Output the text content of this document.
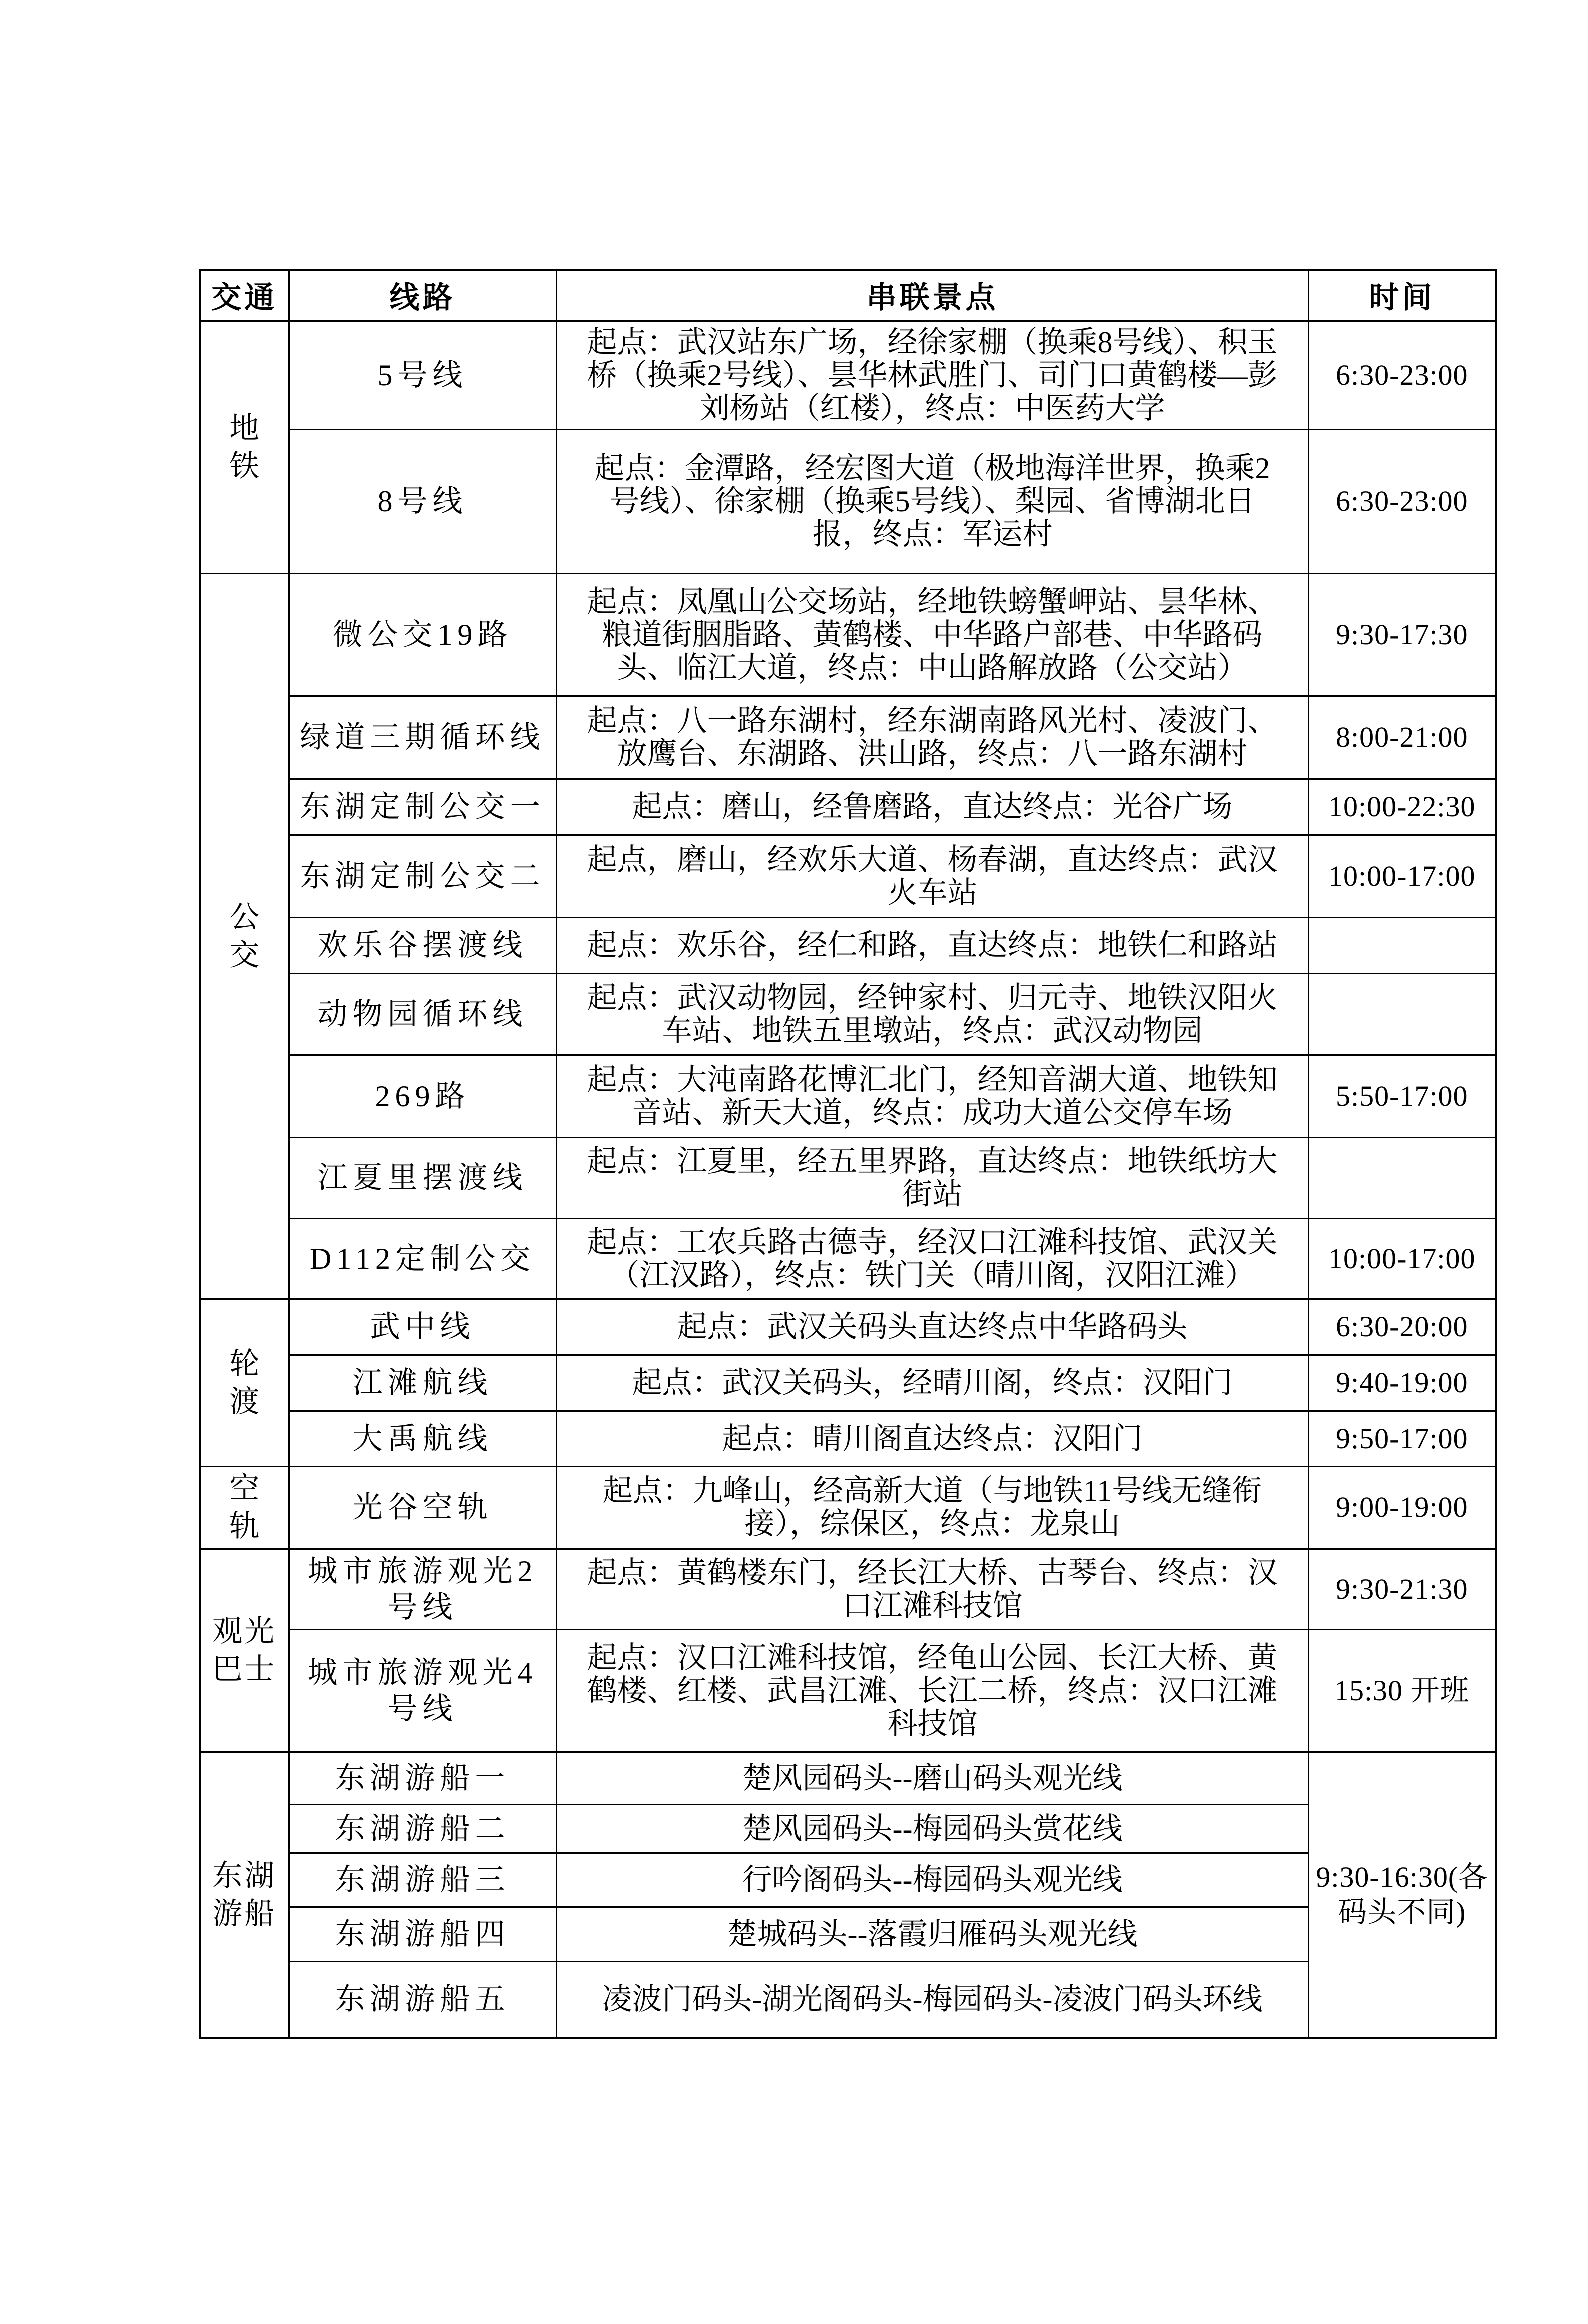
交通	线路	串联景点	时间

地铁	5号线	起点：武汉站东广场，经徐家棚（换乘8号线）、积玉桥（换乘2号线）、昙华林武胜门、司门口黄鹤楼—彭刘杨站（红楼），终点：中医药大学	6:30-23:00
	8号线	起点：金潭路，经宏图大道（极地海洋世界，换乘2号线）、徐家棚（换乘5号线）、梨园、省博湖北日报，终点：军运村	6:30-23:00

公交	微公交19路	起点：凤凰山公交场站，经地铁螃蟹岬站、昙华林、粮道街胭脂路、黄鹤楼、中华路户部巷、中华路码头、临江大道，终点：中山路解放路（公交站）	9:30-17:30
	绿道三期循环线	起点：八一路东湖村，经东湖南路风光村、凌波门、放鹰台、东湖路、洪山路，终点：八一路东湖村	8:00-21:00
	东湖定制公交一	起点：磨山，经鲁磨路，直达终点：光谷广场	10:00-22:30
	东湖定制公交二	起点，磨山，经欢乐大道、杨春湖，直达终点：武汉火车站	10:00-17:00
	欢乐谷摆渡线	起点：欢乐谷，经仁和路，直达终点：地铁仁和路站	
	动物园循环线	起点：武汉动物园，经钟家村、归元寺、地铁汉阳火车站、地铁五里墩站，终点：武汉动物园	
	269路	起点：大沌南路花博汇北门，经知音湖大道、地铁知音站、新天大道，终点：成功大道公交停车场	5:50-17:00
	江夏里摆渡线	起点：江夏里，经五里界路，直达终点：地铁纸坊大街站	
	D112定制公交	起点：工农兵路古德寺，经汉口江滩科技馆、武汉关（江汉路），终点：铁门关（晴川阁，汉阳江滩）	10:00-17:00

轮渡	武中线	起点：武汉关码头直达终点中华路码头	6:30-20:00
	江滩航线	起点：武汉关码头，经晴川阁，终点：汉阳门	9:40-19:00
	大禹航线	起点：晴川阁直达终点：汉阳门	9:50-17:00

空轨	光谷空轨	起点：九峰山，经高新大道（与地铁11号线无缝衔接），综保区，终点：龙泉山	9:00-19:00

观光巴士	城市旅游观光2号线	起点：黄鹤楼东门，经长江大桥、古琴台、终点：汉口江滩科技馆	9:30-21:30
	城市旅游观光4号线	起点：汉口江滩科技馆，经龟山公园、长江大桥、黄鹤楼、红楼、武昌江滩、长江二桥，终点：汉口江滩科技馆	15:30 开班

东湖游船	东湖游船一	楚风园码头--磨山码头观光线	9:30-16:30(各码头不同)
	东湖游船二	楚风园码头--梅园码头赏花线	
	东湖游船三	行吟阁码头--梅园码头观光线	
	东湖游船四	楚城码头--落霞归雁码头观光线	
	东湖游船五	凌波门码头-湖光阁码头-梅园码头-凌波门码头环线	
